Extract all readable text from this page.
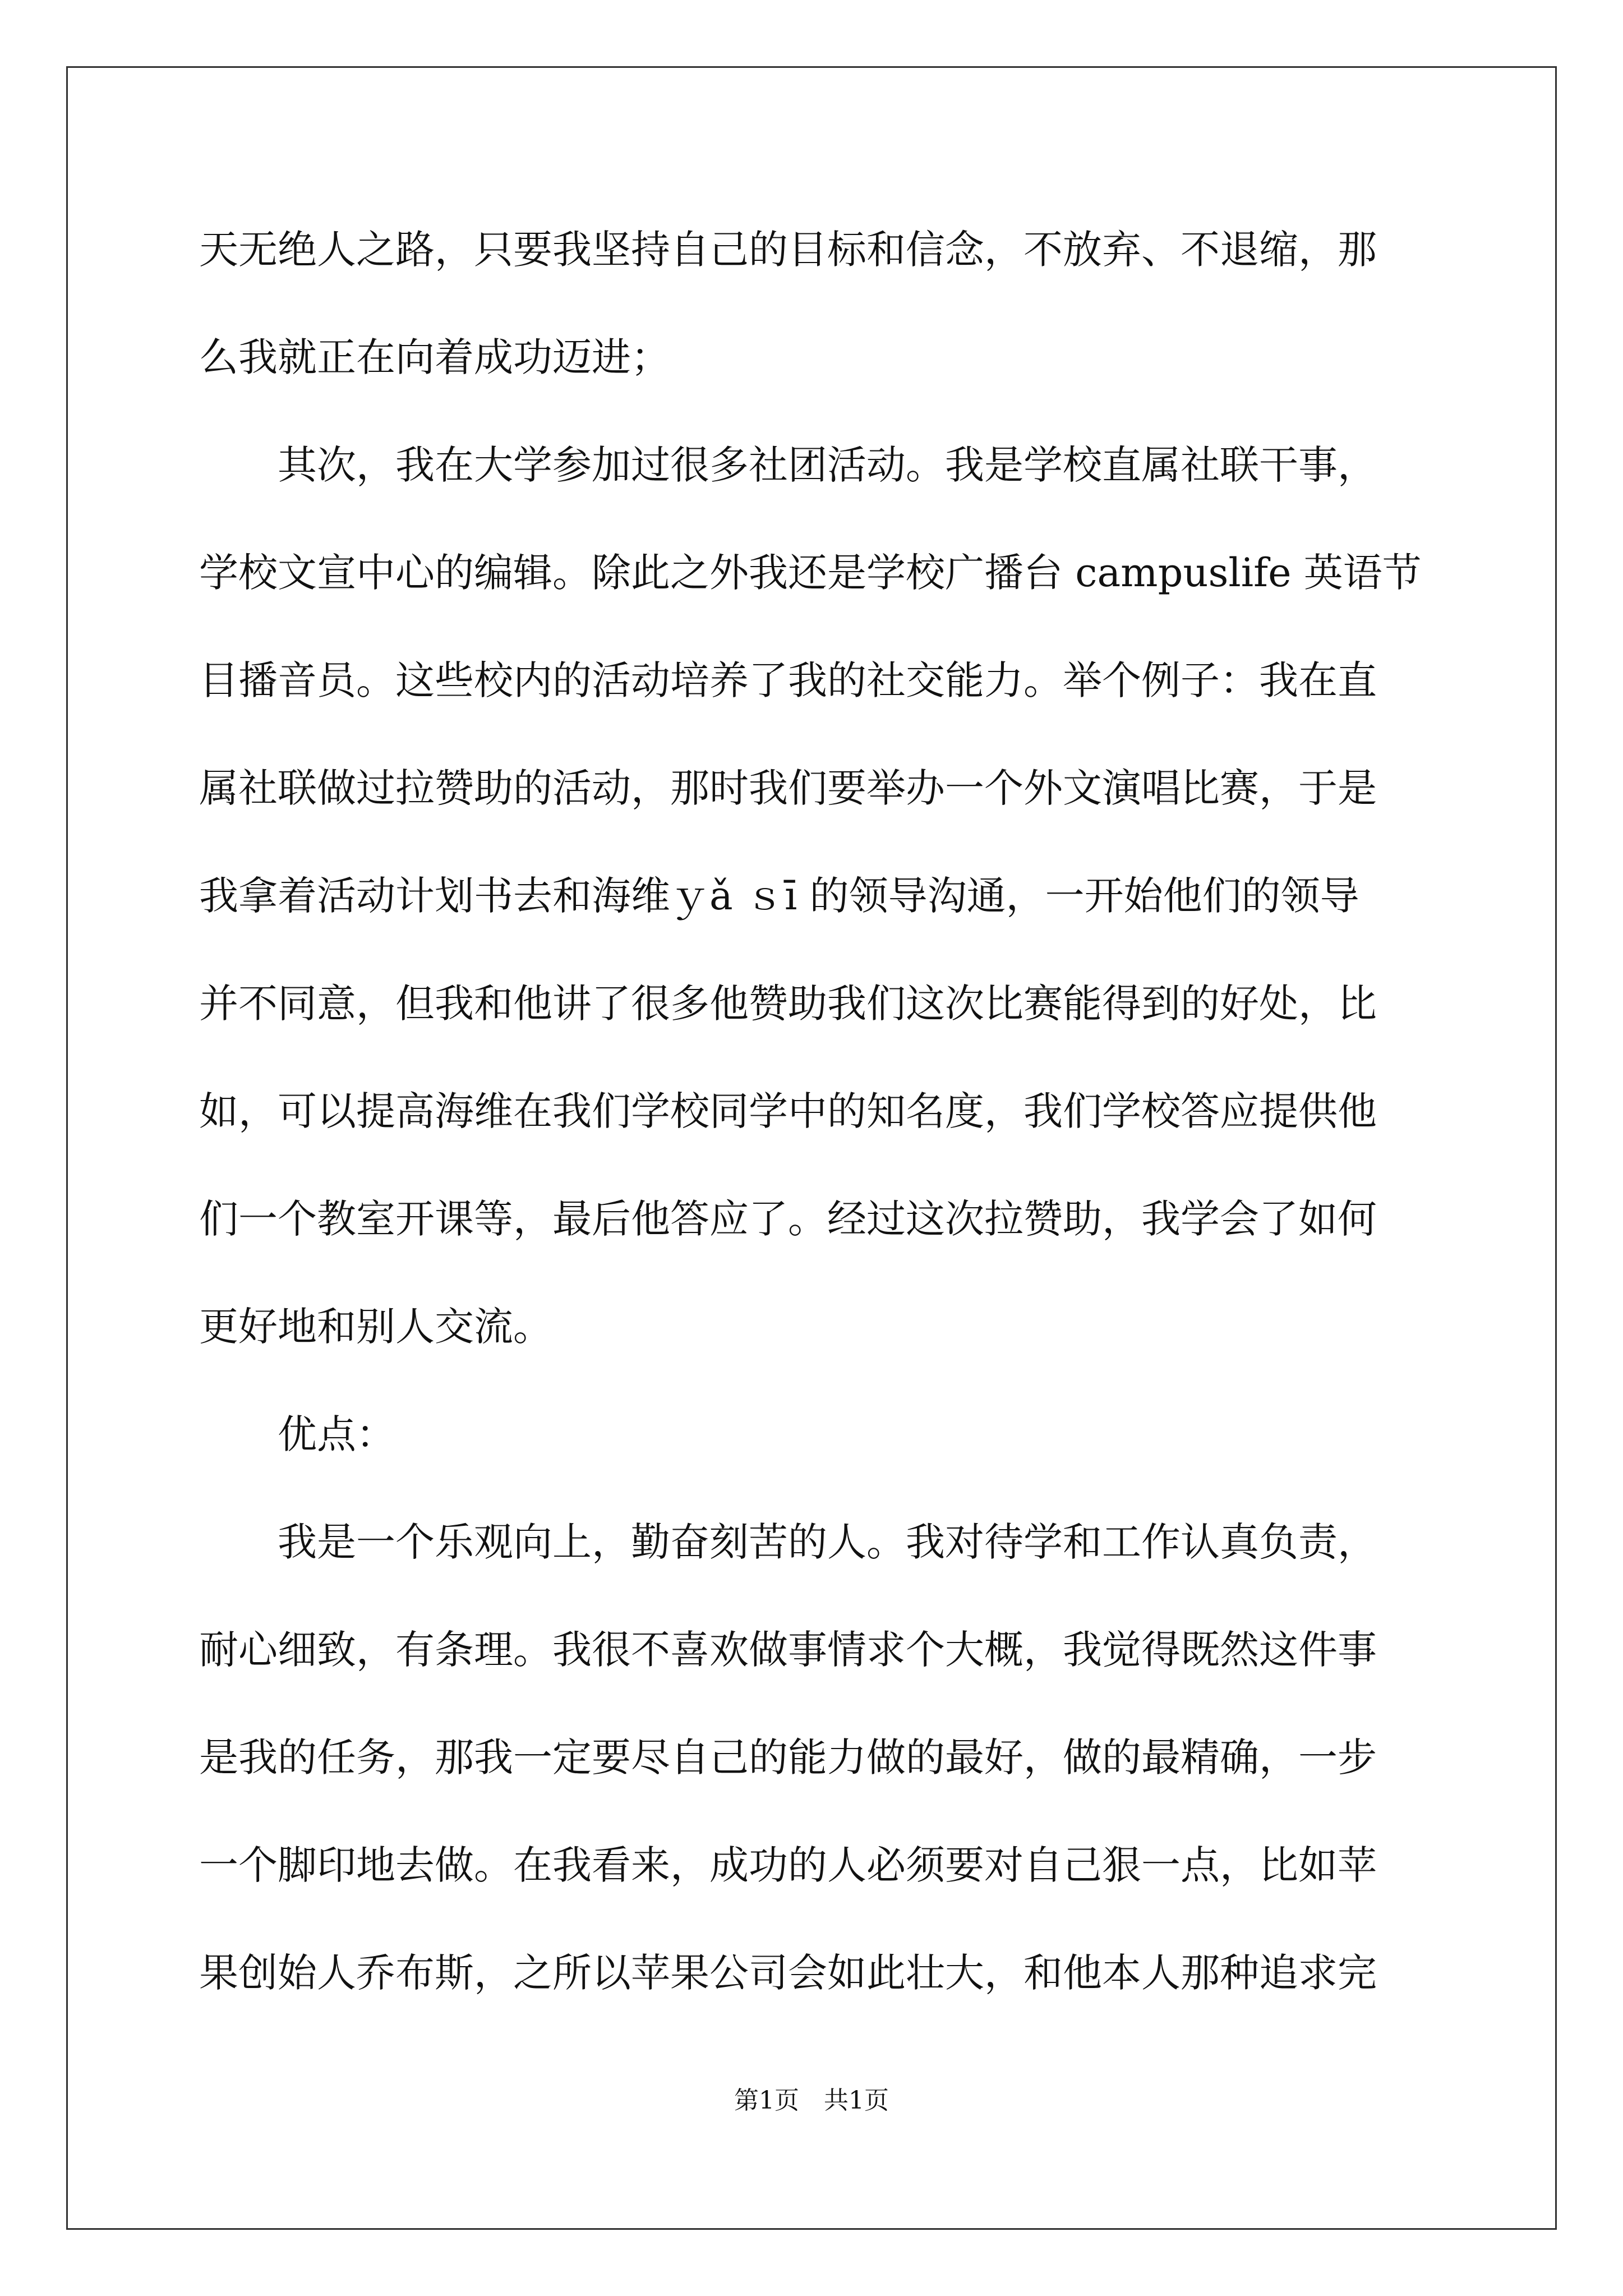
天无绝人之路，只要我坚持自己的目标和信念，不放弃、不退缩，那
么我就正在向着成功迈进；
　　其次，我在大学参加过很多社团活动。我是学校直属社联干事，
学校文宣中心的编辑。除此之外我还是学校广播台 campuslife 英语节
目播音员。这些校内的活动培养了我的社交能力。举个例子：我在直
属社联做过拉赞助的活动，那时我们要举办一个外文演唱比赛，于是
我拿着活动计划书去和海维ｙǎ ｓī 的领导沟通，一开始他们的领导
并不同意，但我和他讲了很多他赞助我们这次比赛能得到的好处，比
如，可以提高海维在我们学校同学中的知名度，我们学校答应提供他
们一个教室开课等，最后他答应了。经过这次拉赞助，我学会了如何
更好地和别人交流。
　　优点：
　　我是一个乐观向上，勤奋刻苦的人。我对待学和工作认真负责，
耐心细致，有条理。我很不喜欢做事情求个大概，我觉得既然这件事
是我的任务，那我一定要尽自己的能力做的最好，做的最精确，一步
一个脚印地去做。在我看来，成功的人必须要对自己狠一点，比如苹
果创始人乔布斯，之所以苹果公司会如此壮大，和他本人那种追求完
第1页　共1页
